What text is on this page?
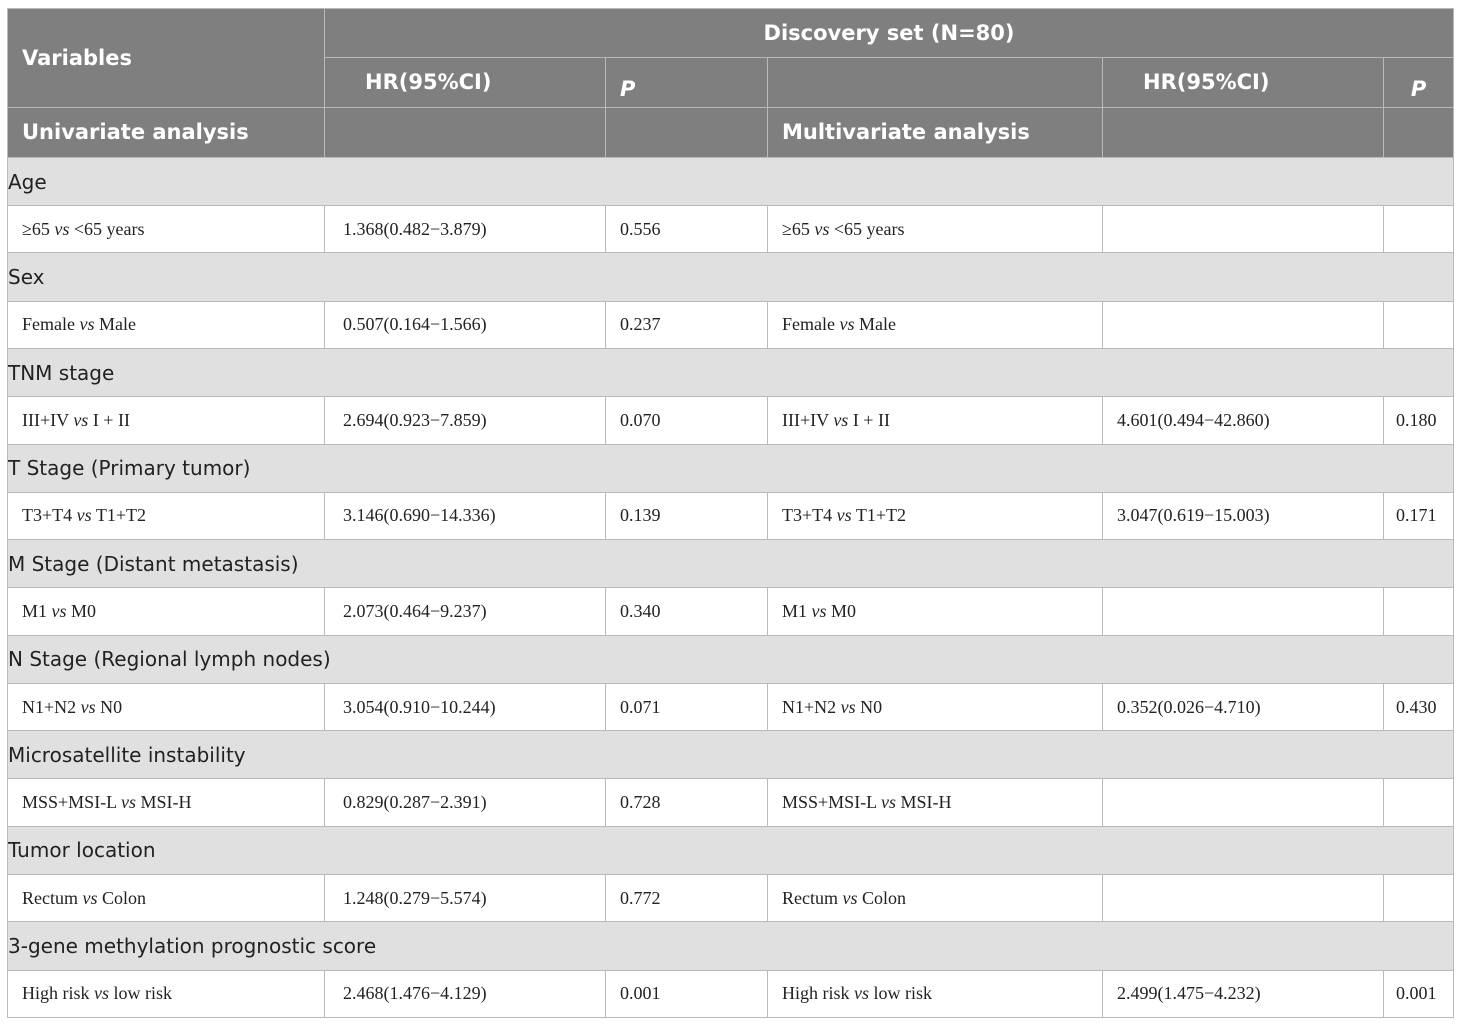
Variables	Discovery set (N=80)				
	HR(95%CI)	P		HR(95%CI)	P
Univariate analysis			Multivariate analysis		
Age					
≥65 vs <65 years	1.368(0.482−3.879)	0.556	≥65 vs <65 years		
Sex					
Female vs Male	0.507(0.164−1.566)	0.237	Female vs Male		
TNM stage					
III+IV vs I + II	2.694(0.923−7.859)	0.070	III+IV vs I + II	4.601(0.494−42.860)	0.180
T Stage (Primary tumor)					
T3+T4 vs T1+T2	3.146(0.690−14.336)	0.139	T3+T4 vs T1+T2	3.047(0.619−15.003)	0.171
M Stage (Distant metastasis)					
M1 vs M0	2.073(0.464−9.237)	0.340	M1 vs M0		
N Stage (Regional lymph nodes)					
N1+N2 vs N0	3.054(0.910−10.244)	0.071	N1+N2 vs N0	0.352(0.026−4.710)	0.430
Microsatellite instability					
MSS+MSI-L vs MSI-H	0.829(0.287−2.391)	0.728	MSS+MSI-L vs MSI-H		
Tumor location					
Rectum vs Colon	1.248(0.279−5.574)	0.772	Rectum vs Colon		
3-gene methylation prognostic score					
High risk vs low risk	2.468(1.476−4.129)	0.001	High risk vs low risk	2.499(1.475−4.232)	0.001
